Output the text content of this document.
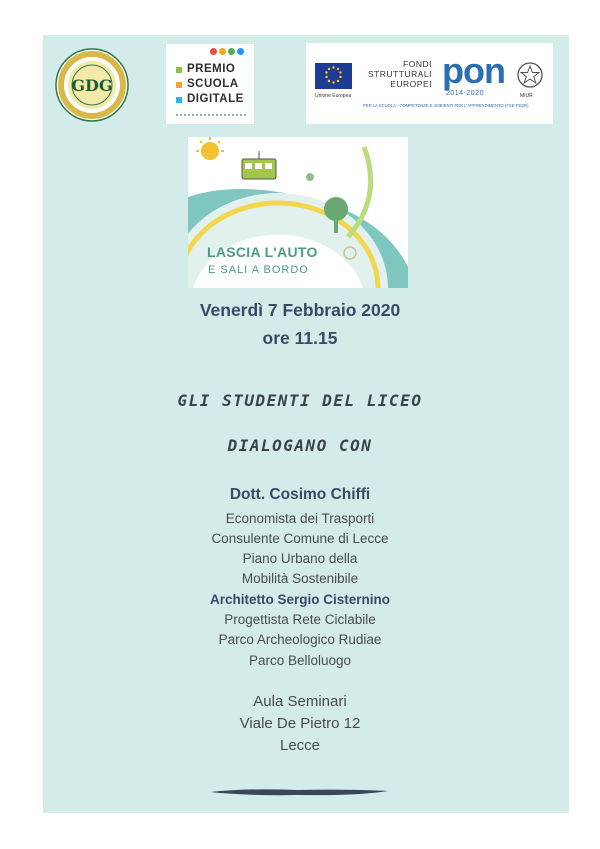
GDG
PREMIO
SCUOLA
DIGITALE	Unione Europea
FONDI
STRUTTURALI
EUROPEI pon
2014-2020
PER LA SCUOLA - COMPETENZE E AMBIENTI PER L'APPRENDIMENTO (FSE-FESR)
MIUR
LASCIA L'AUTO
E SALI A BORDO
Venerdì 7 Febbraio 2020
ore 11.15
GLI STUDENTI DEL LICEO
DIALOGANO CON
Dott. Cosimo Chiffi
Economista dei Trasporti
Consulente Comune di Lecce
Piano Urbano della
Mobilità Sostenibile
Architetto Sergio Cisternino
Progettista Rete Ciclabile
Parco Archeologico Rudiae
Parco Belloluogo
Aula Seminari
Viale De Pietro 12
Lecce
